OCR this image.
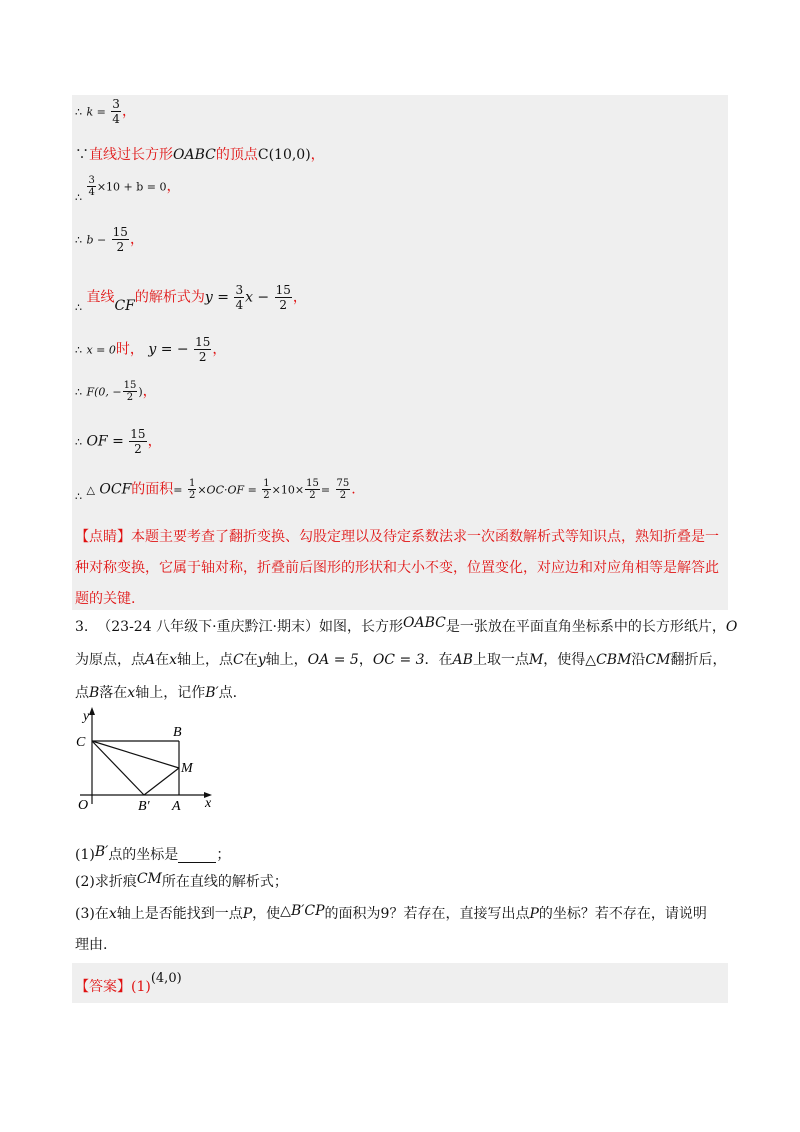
∴ $k = \frac{3}{4}$ ，
∵直线过长方形OABC的顶点C(10,0)，
$_\therefore \frac{3}{4} \times 10 + b = 0$，
∴ $b - \frac{15}{2}$ ，
$_\therefore$ 直线CF的解析式为$y = \frac{3}{4}$ $x - \frac{15}{2}$ ，
∴ x = 0时， y = − $\frac{15}{2}$ ，
∴ F(0, − $\frac{15}{2}$ )，
∴ OF = $\frac{15}{2}$ ，
$_\therefore$ △ OCF的面积= $\frac{1}{2} \times OC\cdot OF = \frac{1}{2} \times 10\times \frac{15}{2} = \frac{75}{2}$ .
【点睛】本题主要考查了翻折变换、勾股定理以及待定系数法求一次函数解析式等知识点，熟知折叠是一种对称变换，它属于轴对称，折叠前后图形的形状和大小不变，位置变化，对应边和对应角相等是解答此题的关键.
3. （23-24 八年级下·重庆黔江·期末）如图，长方形OABC是一张放在平面直角坐标系中的长方形纸片，O
为原点，点A在x轴上，点C在y轴上，OA = 5，OC = 3．在AB上取一点M，使得△CBM沿CM翻折后，
点B落在x轴上，记作B′点.
y
x
C
B
M
O	B′ A
(1)B′点的坐标是	；
(2)求折痕CM所在直线的解析式；
(3)在x轴上是否能找到一点P，使△B′CP的面积为9？若存在，直接写出点P的坐标？若不存在，请说明
理由.
【答案】(1)(4,0)
